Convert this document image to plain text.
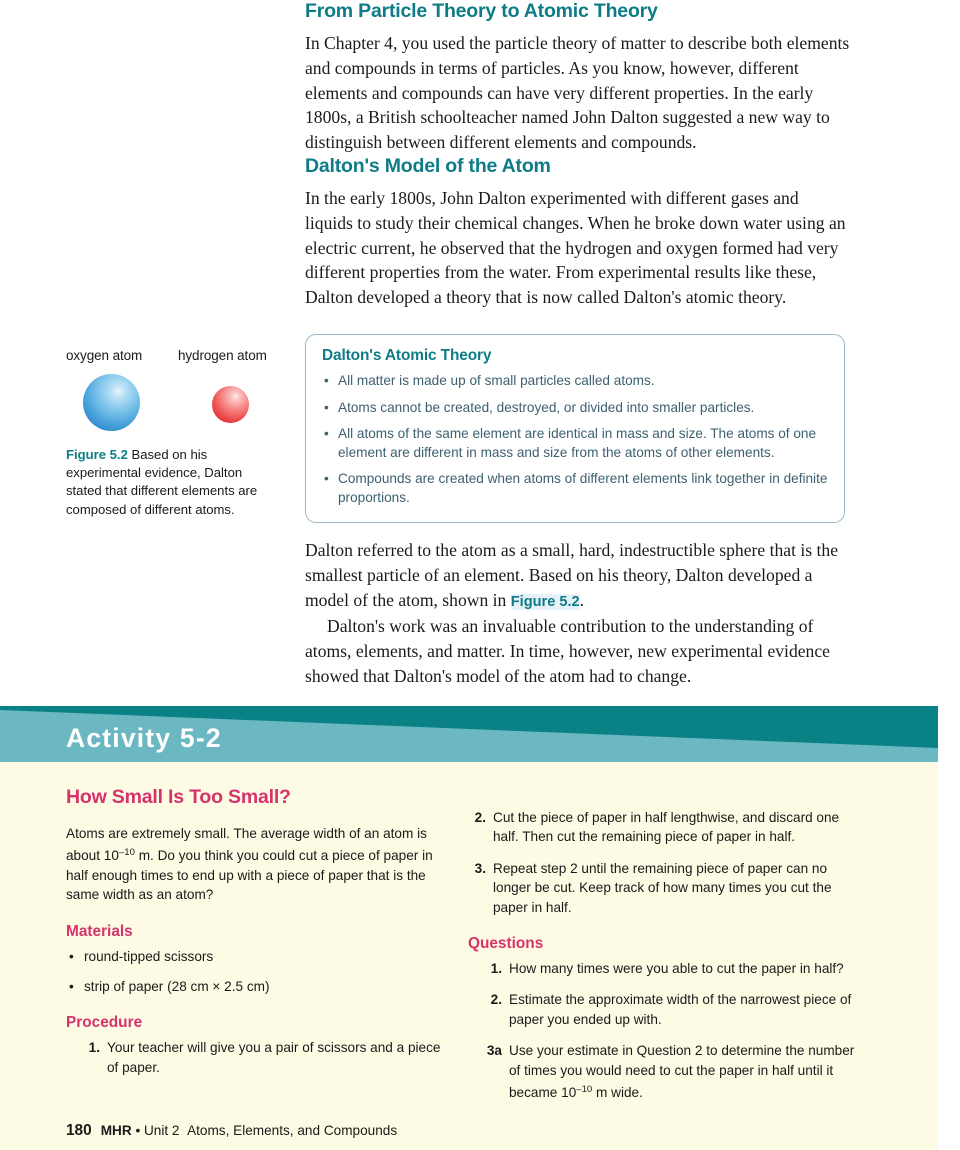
oxygen atom	hydrogen atom
Figure 5.2 Based on his experimental evidence, Dalton stated that different elements are composed of different atoms.
From Particle Theory to Atomic Theory

In Chapter 4, you used the particle theory of matter to describe both elements and compounds in terms of particles. As you know, however, different elements and compounds can have very different properties. In the early 1800s, a British schoolteacher named John Dalton suggested a new way to distinguish between different elements and compounds.

Dalton's Model of the Atom

In the early 1800s, John Dalton experimented with different gases and liquids to study their chemical changes. When he broke down water using an electric current, he observed that the hydrogen and oxygen formed had very different properties from the water. From experimental results like these, Dalton developed a theory that is now called Dalton's atomic theory.

Dalton's Atomic Theory
• All matter is made up of small particles called atoms.
• Atoms cannot be created, destroyed, or divided into smaller particles.
• All atoms of the same element are identical in mass and size. The atoms of one element are different in mass and size from the atoms of other elements.
• Compounds are created when atoms of different elements link together in definite proportions.

Dalton referred to the atom as a small, hard, indestructible sphere that is the smallest particle of an element. Based on his theory, Dalton developed a model of the atom, shown in Figure 5.2.

Dalton's work was an invaluable contribution to the understanding of atoms, elements, and matter. In time, however, new experimental evidence showed that Dalton's model of the atom had to change.

Activity 5-2
How Small Is Too Small?

Atoms are extremely small. The average width of an atom is about $10^{-10}$ m. Do you think you could cut a piece of paper in half enough times to end up with a piece of paper that is the same width as an atom?

Materials
• round-tipped scissors
• strip of paper (28 cm × 2.5 cm)
Procedure
1. Your teacher will give you a pair of scissors and a piece of paper.
2. Cut the piece of paper in half lengthwise, and discard one half. Then cut the remaining piece of paper in half.
3. Repeat step 2 until the remaining piece of paper can no longer be cut. Keep track of how many times you cut the paper in half.
Questions
1. How many times were you able to cut the paper in half?
2. Estimate the approximate width of the narrowest piece of paper you ended up with.
3a Use your estimate in Question 2 to determine the number of times you would need to cut the paper in half until it became $10^{-10}$ m wide.
180 MHR • Unit 2 Atoms, Elements, and Compounds
